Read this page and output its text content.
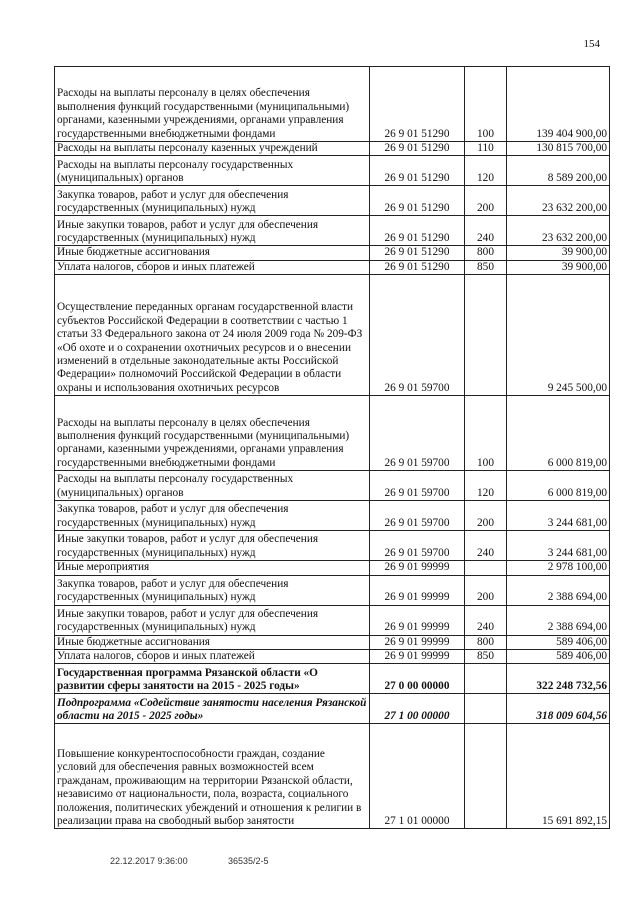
154
Расходы на выплаты персоналу в целях обеспечения выполнения функций государственными (муниципальными) органами, казенными учреждениями, органами управления государственными внебюджетными фондами	26 9 01 51290	100	139 404 900,00
Расходы на выплаты персоналу казенных учреждений	26 9 01 51290	110	130 815 700,00
Расходы на выплаты персоналу государственных (муниципальных) органов	26 9 01 51290	120	8 589 200,00
Закупка товаров, работ и услуг для обеспечения государственных (муниципальных) нужд	26 9 01 51290	200	23 632 200,00
Иные закупки товаров, работ и услуг для обеспечения государственных (муниципальных) нужд	26 9 01 51290	240	23 632 200,00
Иные бюджетные ассигнования	26 9 01 51290	800	39 900,00
Уплата налогов, сборов и иных платежей	26 9 01 51290	850	39 900,00
Осуществление переданных органам государственной власти субъектов Российской Федерации в соответствии с частью 1 статьи 33 Федерального закона от 24 июля 2009 года № 209-ФЗ «Об охоте и о сохранении охотничьих ресурсов и о внесении изменений в отдельные законодательные акты Российской Федерации» полномочий Российской Федерации в области охраны и использования охотничьих ресурсов	26 9 01 59700		9 245 500,00
Расходы на выплаты персоналу в целях обеспечения выполнения функций государственными (муниципальными) органами, казенными учреждениями, органами управления государственными внебюджетными фондами	26 9 01 59700	100	6 000 819,00
Расходы на выплаты персоналу государственных (муниципальных) органов	26 9 01 59700	120	6 000 819,00
Закупка товаров, работ и услуг для обеспечения государственных (муниципальных) нужд	26 9 01 59700	200	3 244 681,00
Иные закупки товаров, работ и услуг для обеспечения государственных (муниципальных) нужд	26 9 01 59700	240	3 244 681,00
Иные мероприятия	26 9 01 99999		2 978 100,00
Закупка товаров, работ и услуг для обеспечения государственных (муниципальных) нужд	26 9 01 99999	200	2 388 694,00
Иные закупки товаров, работ и услуг для обеспечения государственных (муниципальных) нужд	26 9 01 99999	240	2 388 694,00
Иные бюджетные ассигнования	26 9 01 99999	800	589 406,00
Уплата налогов, сборов и иных платежей	26 9 01 99999	850	589 406,00
Государственная программа Рязанской области «О развитии сферы занятости на 2015 - 2025 годы»	27 0 00 00000		322 248 732,56
Подпрограмма «Содействие занятости населения Рязанской области на 2015 - 2025 годы»	27 1 00 00000		318 009 604,56
Повышение конкурентоспособности граждан, создание условий для обеспечения равных возможностей всем гражданам, проживающим на территории Рязанской области, независимо от национальности, пола, возраста, социального положения, политических убеждений и отношения к религии в реализации права на свободный выбор занятости	27 1 01 00000		15 691 892,15
22.12.2017 9:36:00	36535/2-5
